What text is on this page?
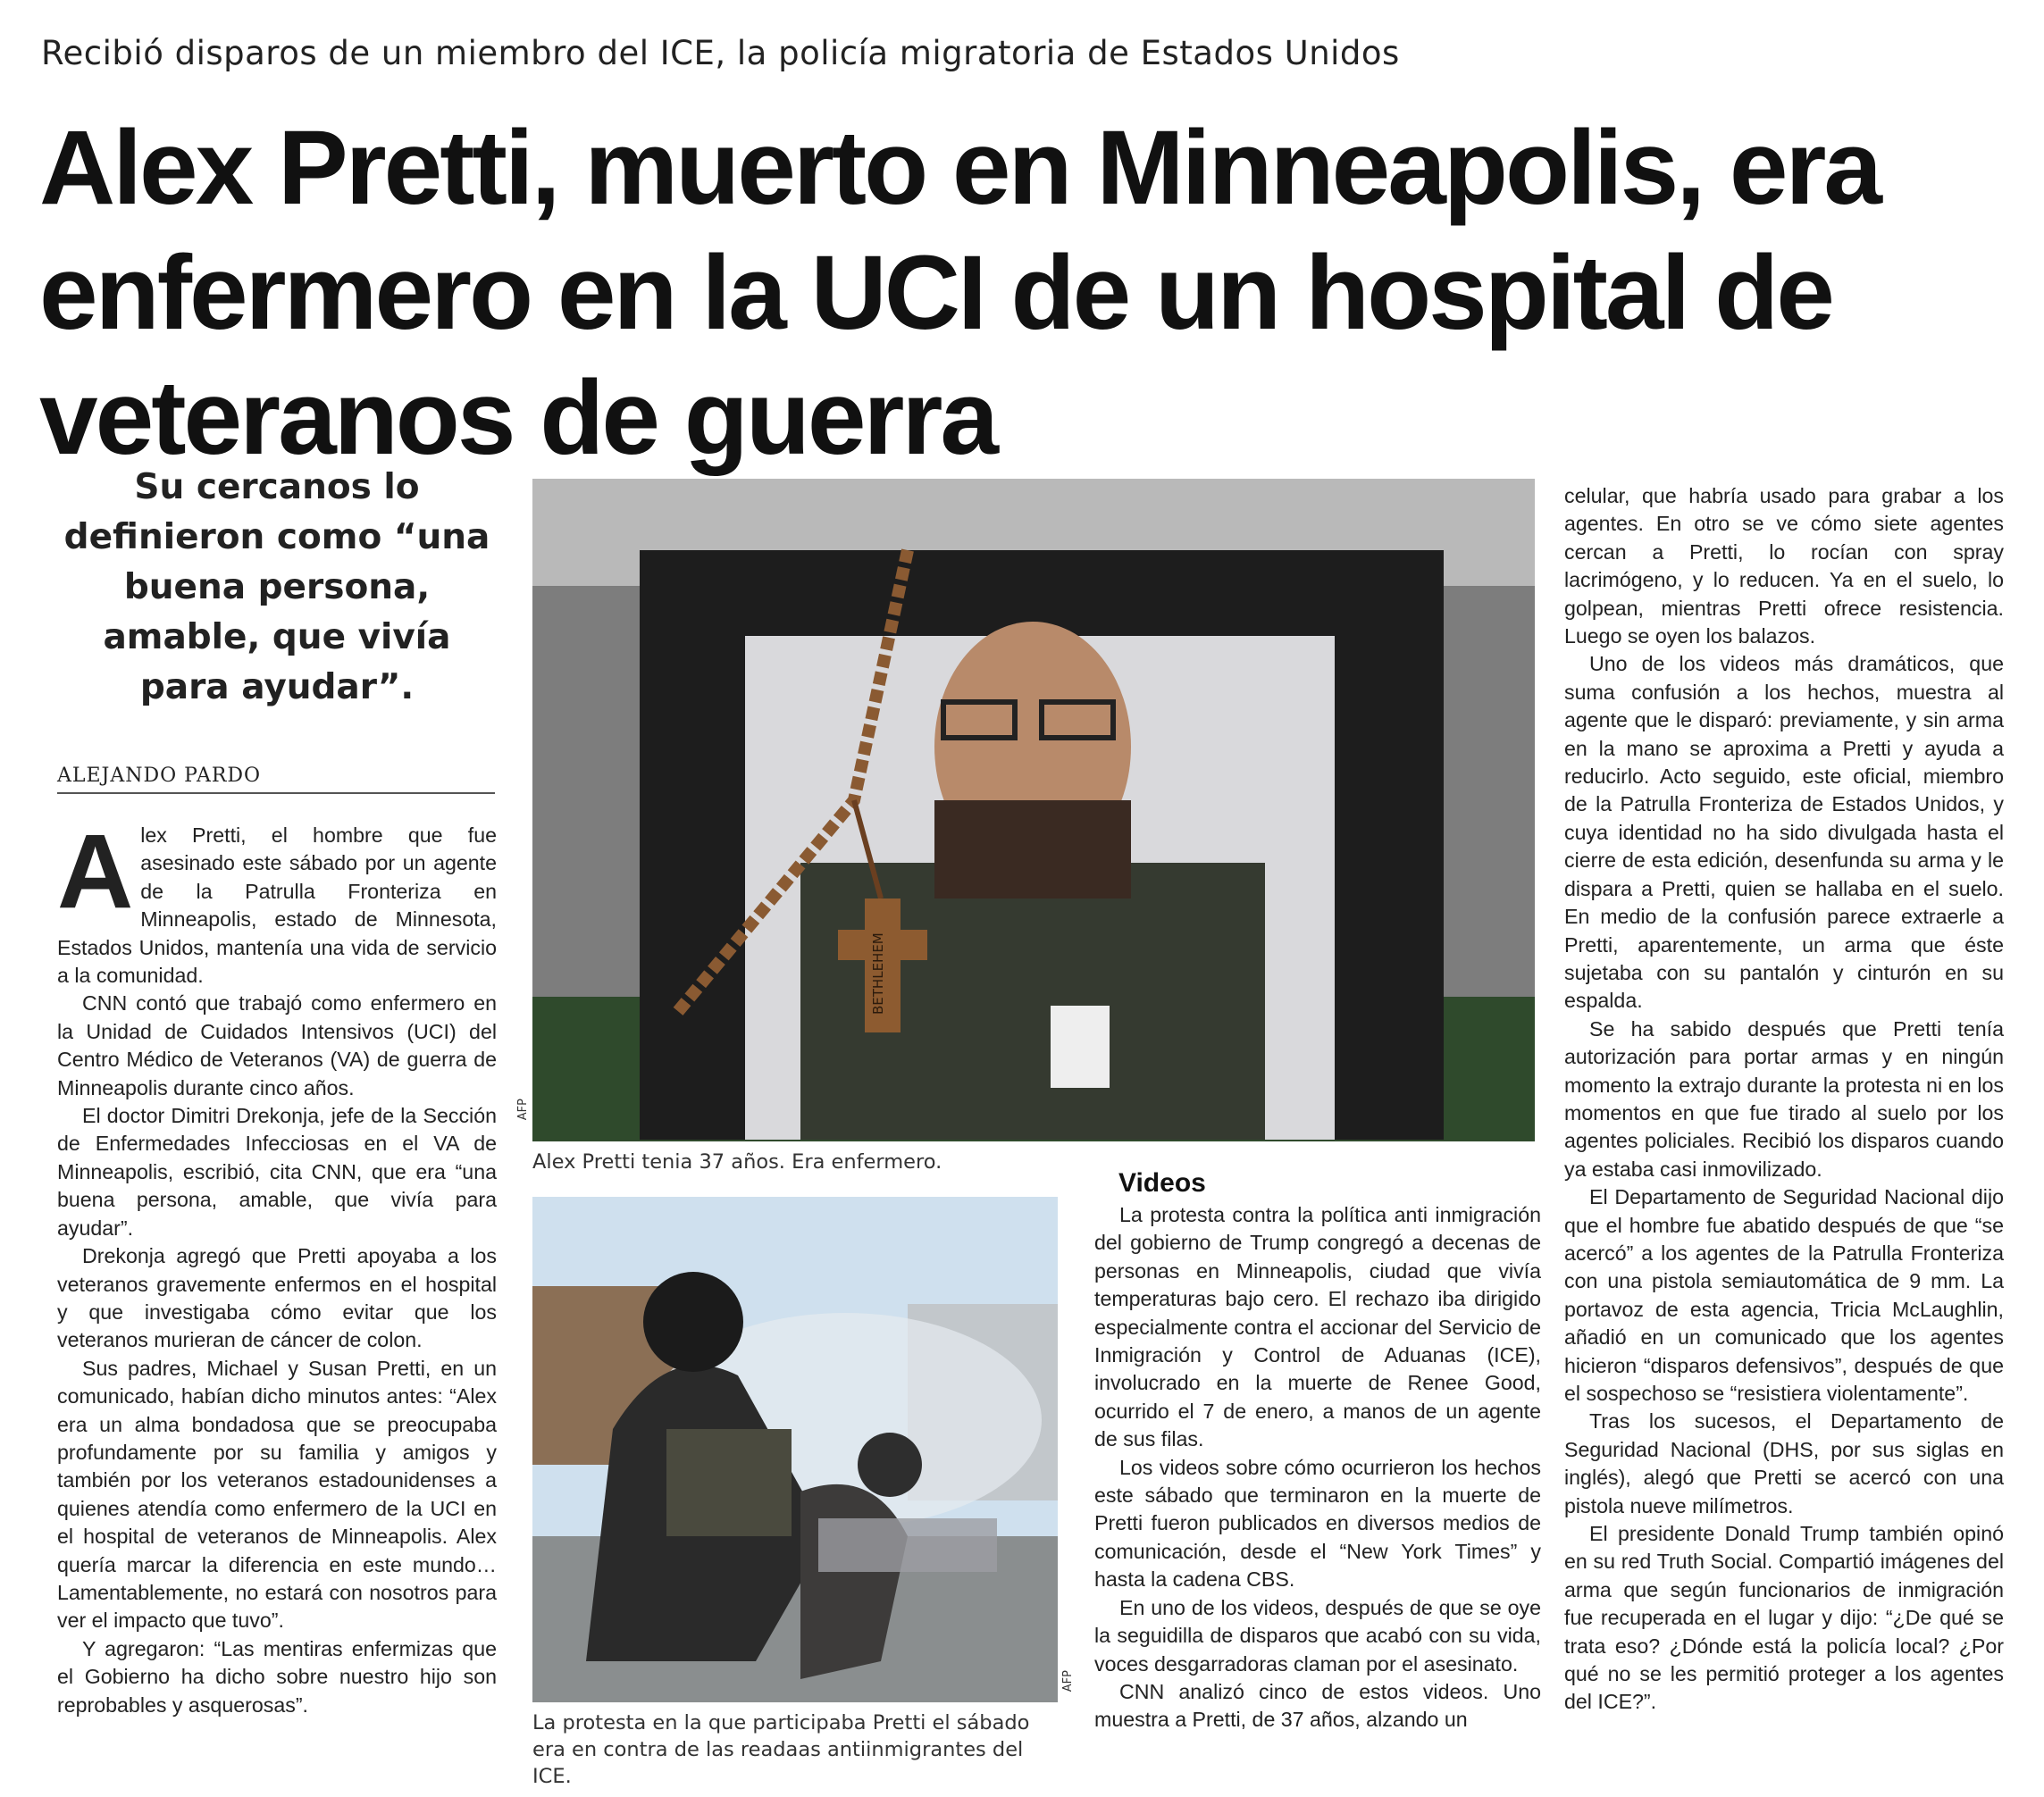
Recibió disparos de un miembro del ICE, la policía migratoria de Estados Unidos
Alex Pretti, muerto en Minneapolis, era enfermero en la UCI de un hospital de veteranos de guerra
Su cercanos lo definieron como “una buena persona, amable, que vivía para ayudar”.
ALEJANDO PARDO
A lex Pretti, el hombre que fue asesinado este sábado por un agente de la Patrulla Fronteriza en Minneapolis, estado de Minnesota, Estados Unidos, mantenía una vida de servicio a la comunidad.

CNN contó que trabajó como enfermero en la Unidad de Cuidados Intensivos (UCI) del Centro Médico de Veteranos (VA) de guerra de Minneapolis durante cinco años.

El doctor Dimitri Drekonja, jefe de la Sección de Enfermedades Infecciosas en el VA de Minneapolis, escribió, cita CNN, que era “una buena persona, amable, que vivía para ayudar”.

Drekonja agregó que Pretti apoyaba a los veteranos gravemente enfermos en el hospital y que investigaba cómo evitar que los veteranos murieran de cáncer de colon.

Sus padres, Michael y Susan Pretti, en un comunicado, habían dicho minutos antes: “Alex era un alma bondadosa que se preocupaba profundamente por su familia y amigos y también por los veteranos estadounidenses a quienes atendía como enfermero de la UCI en el hospital de veteranos de Minneapolis. Alex quería marcar la diferencia en este mundo… Lamentablemente, no estará con nosotros para ver el impacto que tuvo”.

Y agregaron: “Las mentiras enfermizas que el Gobierno ha dicho sobre nuestro hijo son reprobables y asquerosas”.

BETHLEHEM
AFP
Alex Pretti tenia 37 años. Era enfermero.
AFP
La protesta en la que participaba Pretti el sábado era en contra de las readaas antiinmigrantes del ICE.
Videos

La protesta contra la política anti inmigración del gobierno de Trump congregó a decenas de personas en Minneapolis, ciudad que vivía temperaturas bajo cero. El rechazo iba dirigido especialmente contra el accionar del Servicio de Inmigración y Control de Aduanas (ICE), involucrado en la muerte de Renee Good, ocurrido el 7 de enero, a manos de un agente de sus filas.

Los videos sobre cómo ocurrieron los hechos este sábado que terminaron en la muerte de Pretti fueron publicados en diversos medios de comunicación, desde el “New York Times” y hasta la cadena CBS.

En uno de los videos, después de que se oye la seguidilla de disparos que acabó con su vida, voces desgarradoras claman por el asesinato.

CNN analizó cinco de estos videos. Uno muestra a Pretti, de 37 años, alzando un

celular, que habría usado para grabar a los agentes. En otro se ve cómo siete agentes cercan a Pretti, lo rocían con spray lacrimógeno, y lo reducen. Ya en el suelo, lo golpean, mientras Pretti ofrece resistencia. Luego se oyen los balazos.

Uno de los videos más dramáticos, que suma confusión a los hechos, muestra al agente que le disparó: previamente, y sin arma en la mano se aproxima a Pretti y ayuda a reducirlo. Acto seguido, este oficial, miembro de la Patrulla Fronteriza de Estados Unidos, y cuya identidad no ha sido divulgada hasta el cierre de esta edición, desenfunda su arma y le dispara a Pretti, quien se hallaba en el suelo. En medio de la confusión parece extraerle a Pretti, aparentemente, un arma que éste sujetaba con su pantalón y cinturón en su espalda.

Se ha sabido después que Pretti tenía autorización para portar armas y en ningún momento la extrajo durante la protesta ni en los momentos en que fue tirado al suelo por los agentes policiales. Recibió los disparos cuando ya estaba casi inmovilizado.

El Departamento de Seguridad Nacional dijo que el hombre fue abatido después de que “se acercó” a los agentes de la Patrulla Fronteriza con una pistola semiautomática de 9 mm. La portavoz de esta agencia, Tricia McLaughlin, añadió en un comunicado que los agentes hicieron “disparos defensivos”, después de que el sospechoso se “resistiera violentamente”.

Tras los sucesos, el Departamento de Seguridad Nacional (DHS, por sus siglas en inglés), alegó que Pretti se acercó con una pistola nueve milímetros.

El presidente Donald Trump también opinó en su red Truth Social. Compartió imágenes del arma que según funcionarios de inmigración fue recuperada en el lugar y dijo: “¿De qué se trata eso? ¿Dónde está la policía local? ¿Por qué no se les permitió proteger a los agentes del ICE?”.
